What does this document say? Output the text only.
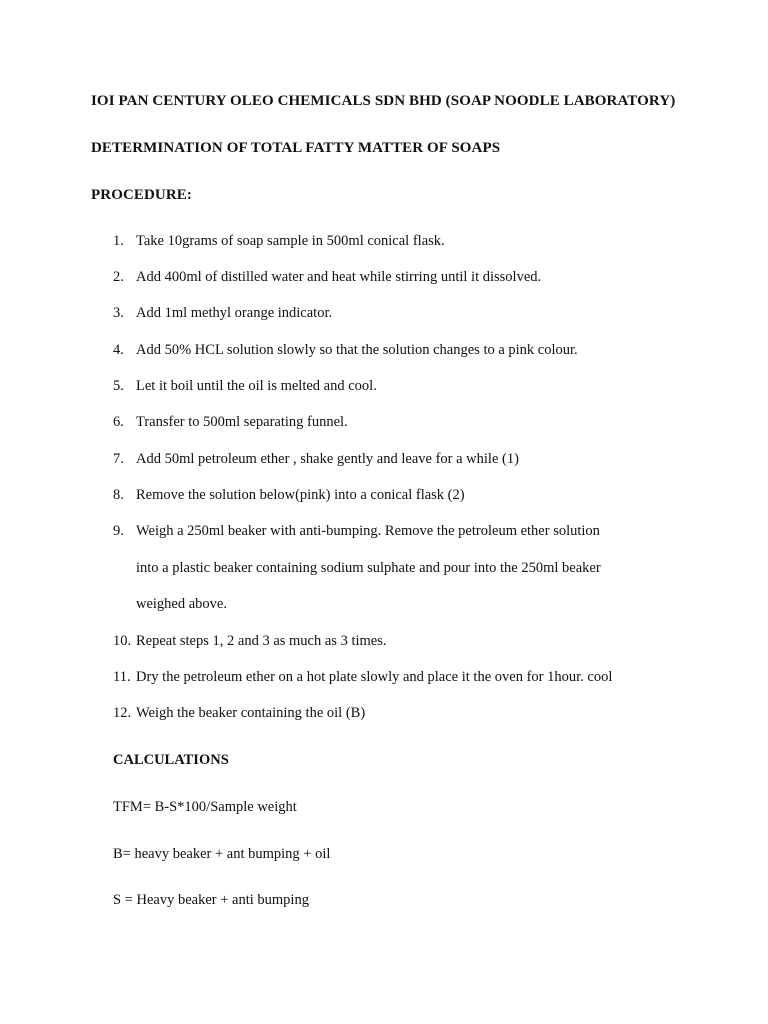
IOI PAN CENTURY OLEO CHEMICALS SDN BHD (SOAP NOODLE LABORATORY)
DETERMINATION OF TOTAL FATTY MATTER OF SOAPS
PROCEDURE:
1. Take 10grams of soap sample in 500ml conical flask.
2. Add 400ml of distilled water and heat while stirring until it dissolved.
3. Add 1ml methyl orange indicator.
4. Add 50% HCL solution slowly so that the solution changes to a pink colour.
5. Let it boil until the oil is melted and cool.
6. Transfer to 500ml separating funnel.
7. Add 50ml petroleum ether , shake gently and leave for a while (1)
8. Remove the solution below(pink) into a conical flask (2)
9. Weigh a 250ml beaker with anti-bumping. Remove the petroleum ether solution
into a plastic beaker containing sodium sulphate and pour into the 250ml beaker
weighed above.
10. Repeat steps 1, 2 and 3 as much as 3 times.
11. Dry the petroleum ether on a hot plate slowly and place it the oven for 1hour. cool
12. Weigh the beaker containing the oil (B)
CALCULATIONS
TFM= B-S*100/Sample weight
B= heavy beaker + ant bumping + oil
S = Heavy beaker + anti bumping
